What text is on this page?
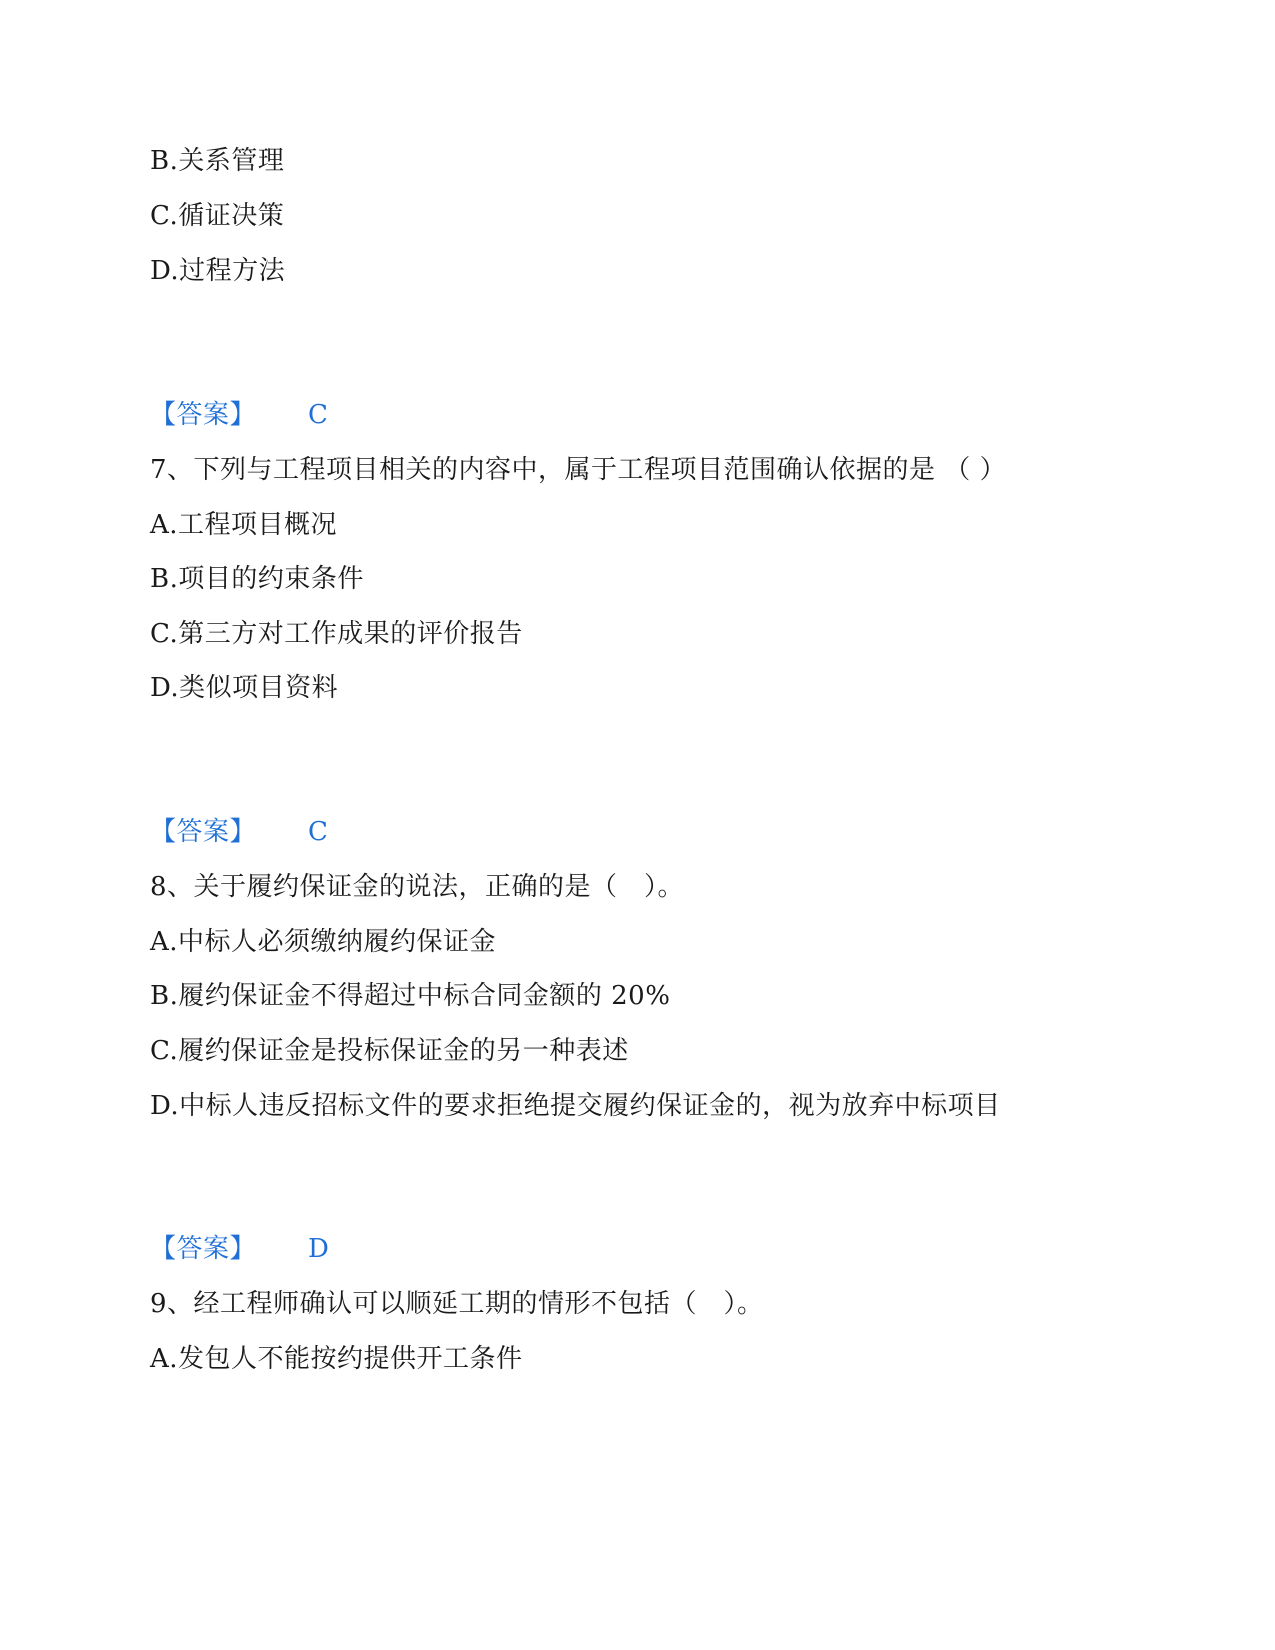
B.关系管理
C.循证决策
D.过程方法
【答案】 C
7、下列与工程项目相关的内容中，属于工程项目范围确认依据的是 （ ）
A.工程项目概况
B.项目的约束条件
C.第三方对工作成果的评价报告
D.类似项目资料
【答案】 C
8、关于履约保证金的说法，正确的是（　）。
A.中标人必须缴纳履约保证金
B.履约保证金不得超过中标合同金额的 20%
C.履约保证金是投标保证金的另一种表述
D.中标人违反招标文件的要求拒绝提交履约保证金的，视为放弃中标项目
【答案】 D
9、经工程师确认可以顺延工期的情形不包括（　）。
A.发包人不能按约提供开工条件
